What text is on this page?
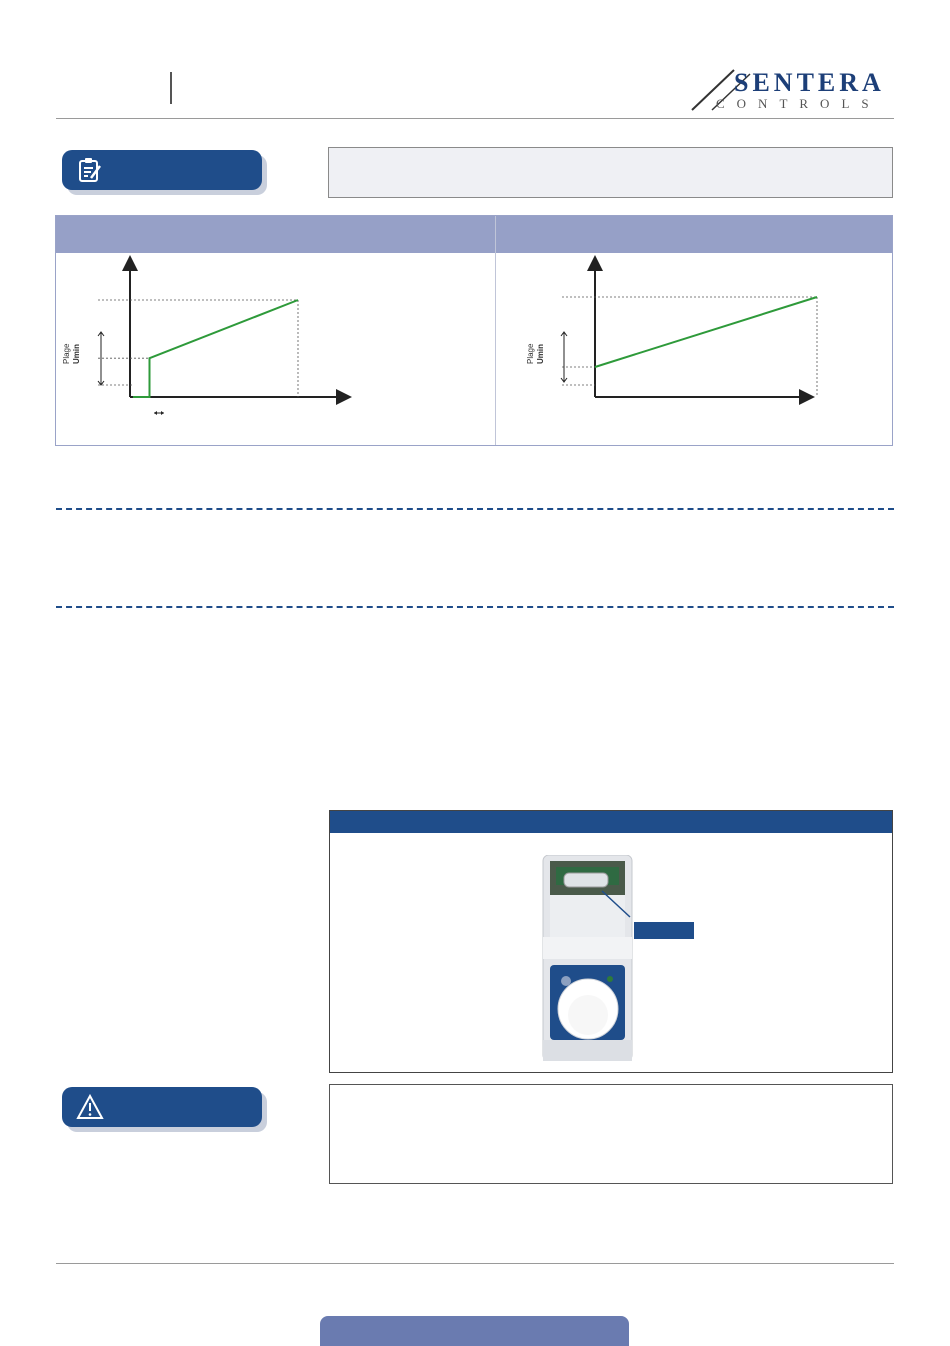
SENTERA
CONTROLS
Plage Umin	Plage Umin
